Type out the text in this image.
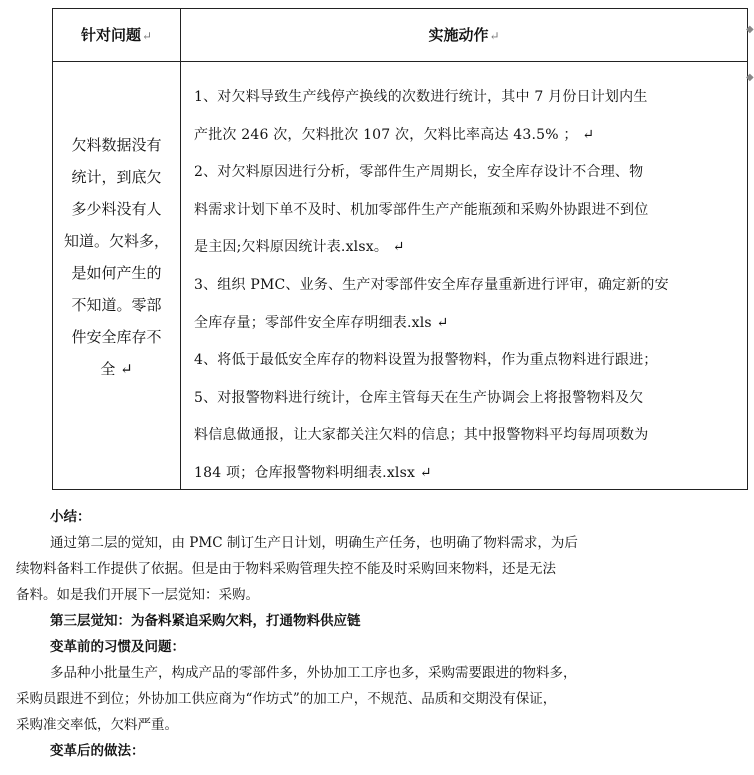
针对问题↵	实施动作↵
欠料数据没有
统计，到底欠
多少料没有人
知道。欠料多，
是如何产生的
不知道。零部
件安全库存不
全 ↵
1、对欠料导致生产线停产换线的次数进行统计，其中 7 月份日计划内生
产批次 246 次，欠料批次 107 次，欠料比率高达 43.5% ； ↵
2、对欠料原因进行分析，零部件生产周期长，安全库存设计不合理、物
料需求计划下单不及时、机加零部件生产产能瓶颈和采购外协跟进不到位
是主因;欠料原因统计表.xlsx。 ↵
3、组织 PMC、业务、生产对零部件安全库存量重新进行评审，确定新的安
全库存量；零部件安全库存明细表.xls ↵
4、将低于最低安全库存的物料设置为报警物料，作为重点物料进行跟进；
5、对报警物料进行统计，仓库主管每天在生产协调会上将报警物料及欠
料信息做通报，让大家都关注欠料的信息；其中报警物料平均每周项数为
184 项；仓库报警物料明细表.xlsx ↵
◆
◆
小结：
通过第二层的觉知，由 PMC 制订生产日计划，明确生产任务，也明确了物料需求，为后
续物料备料工作提供了依据。但是由于物料采购管理失控不能及时采购回来物料，还是无法
备料。如是我们开展下一层觉知：采购。
第三层觉知：为备料紧追采购欠料，打通物料供应链
变革前的习惯及问题：
多品种小批量生产，构成产品的零部件多，外协加工工序也多，采购需要跟进的物料多，
采购员跟进不到位；外协加工供应商为“作坊式”的加工户，不规范、品质和交期没有保证，
采购准交率低，欠料严重。
变革后的做法：
